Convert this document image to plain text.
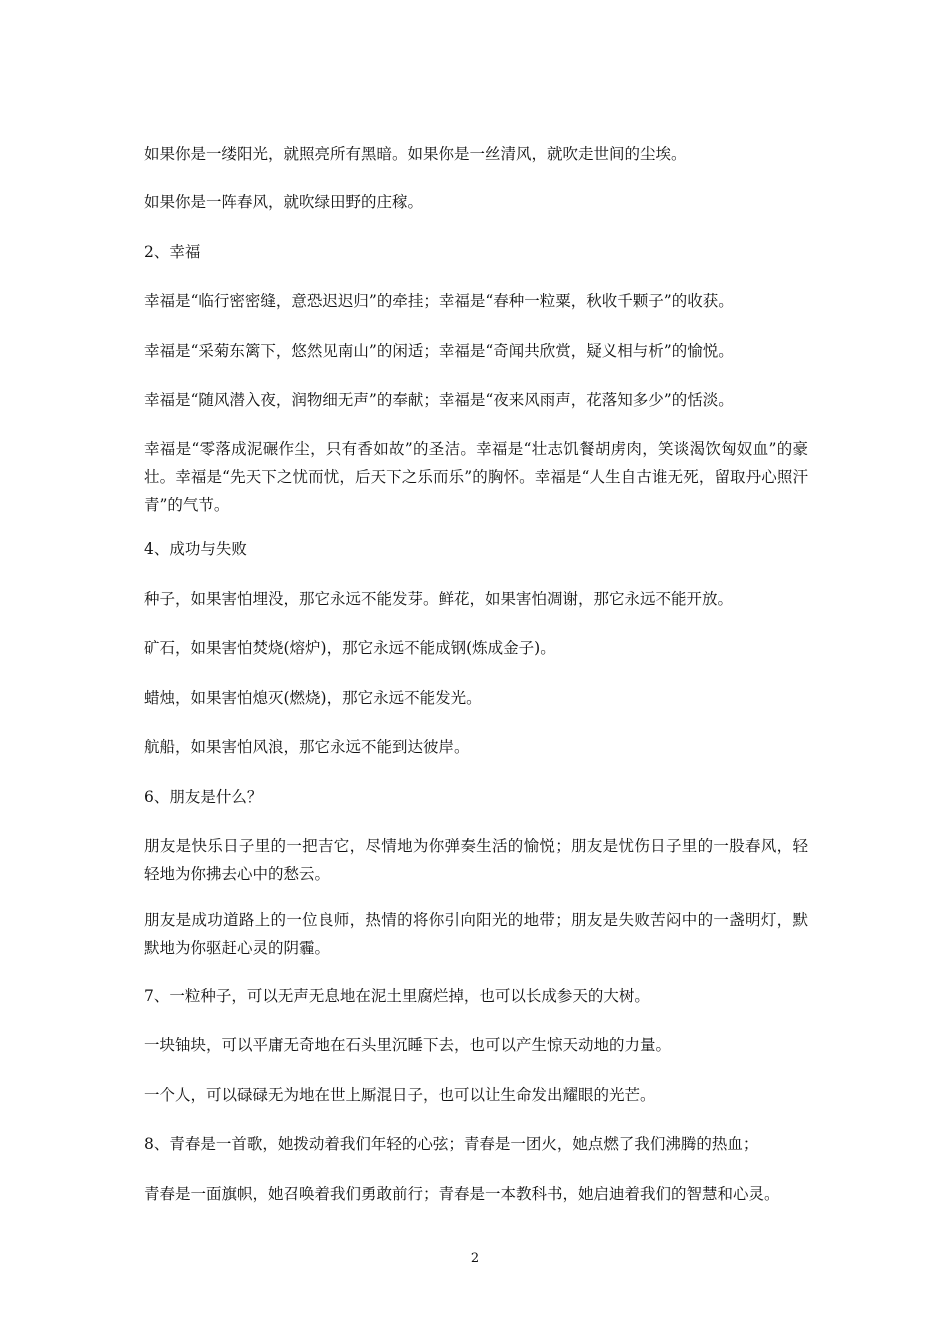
如果你是一缕阳光，就照亮所有黑暗。如果你是一丝清风，就吹走世间的尘埃。

如果你是一阵春风，就吹绿田野的庄稼。

2、幸福

幸福是“临行密密缝，意恐迟迟归”的牵挂；幸福是“春种一粒粟，秋收千颗子”的收获。

幸福是“采菊东篱下，悠然见南山”的闲适；幸福是“奇闻共欣赏，疑义相与析”的愉悦。

幸福是“随风潜入夜，润物细无声”的奉献；幸福是“夜来风雨声，花落知多少”的恬淡。

幸福是“零落成泥碾作尘，只有香如故”的圣洁。幸福是“壮志饥餐胡虏肉，笑谈渴饮匈奴血”的豪壮。幸福是“先天下之忧而忧，后天下之乐而乐”的胸怀。幸福是“人生自古谁无死，留取丹心照汗青”的气节。

4、成功与失败

种子，如果害怕埋没，那它永远不能发芽。鲜花，如果害怕凋谢，那它永远不能开放。

矿石，如果害怕焚烧(熔炉)，那它永远不能成钢(炼成金子)。

蜡烛，如果害怕熄灭(燃烧)，那它永远不能发光。

航船，如果害怕风浪，那它永远不能到达彼岸。

6、朋友是什么？

朋友是快乐日子里的一把吉它，尽情地为你弹奏生活的愉悦；朋友是忧伤日子里的一股春风，轻轻地为你拂去心中的愁云。

朋友是成功道路上的一位良师，热情的将你引向阳光的地带；朋友是失败苦闷中的一盏明灯，默默地为你驱赶心灵的阴霾。

7、一粒种子，可以无声无息地在泥土里腐烂掉，也可以长成参天的大树。

一块铀块，可以平庸无奇地在石头里沉睡下去，也可以产生惊天动地的力量。

一个人，可以碌碌无为地在世上厮混日子，也可以让生命发出耀眼的光芒。

8、青春是一首歌，她拨动着我们年轻的心弦；青春是一团火，她点燃了我们沸腾的热血；

青春是一面旗帜，她召唤着我们勇敢前行；青春是一本教科书，她启迪着我们的智慧和心灵。

2
